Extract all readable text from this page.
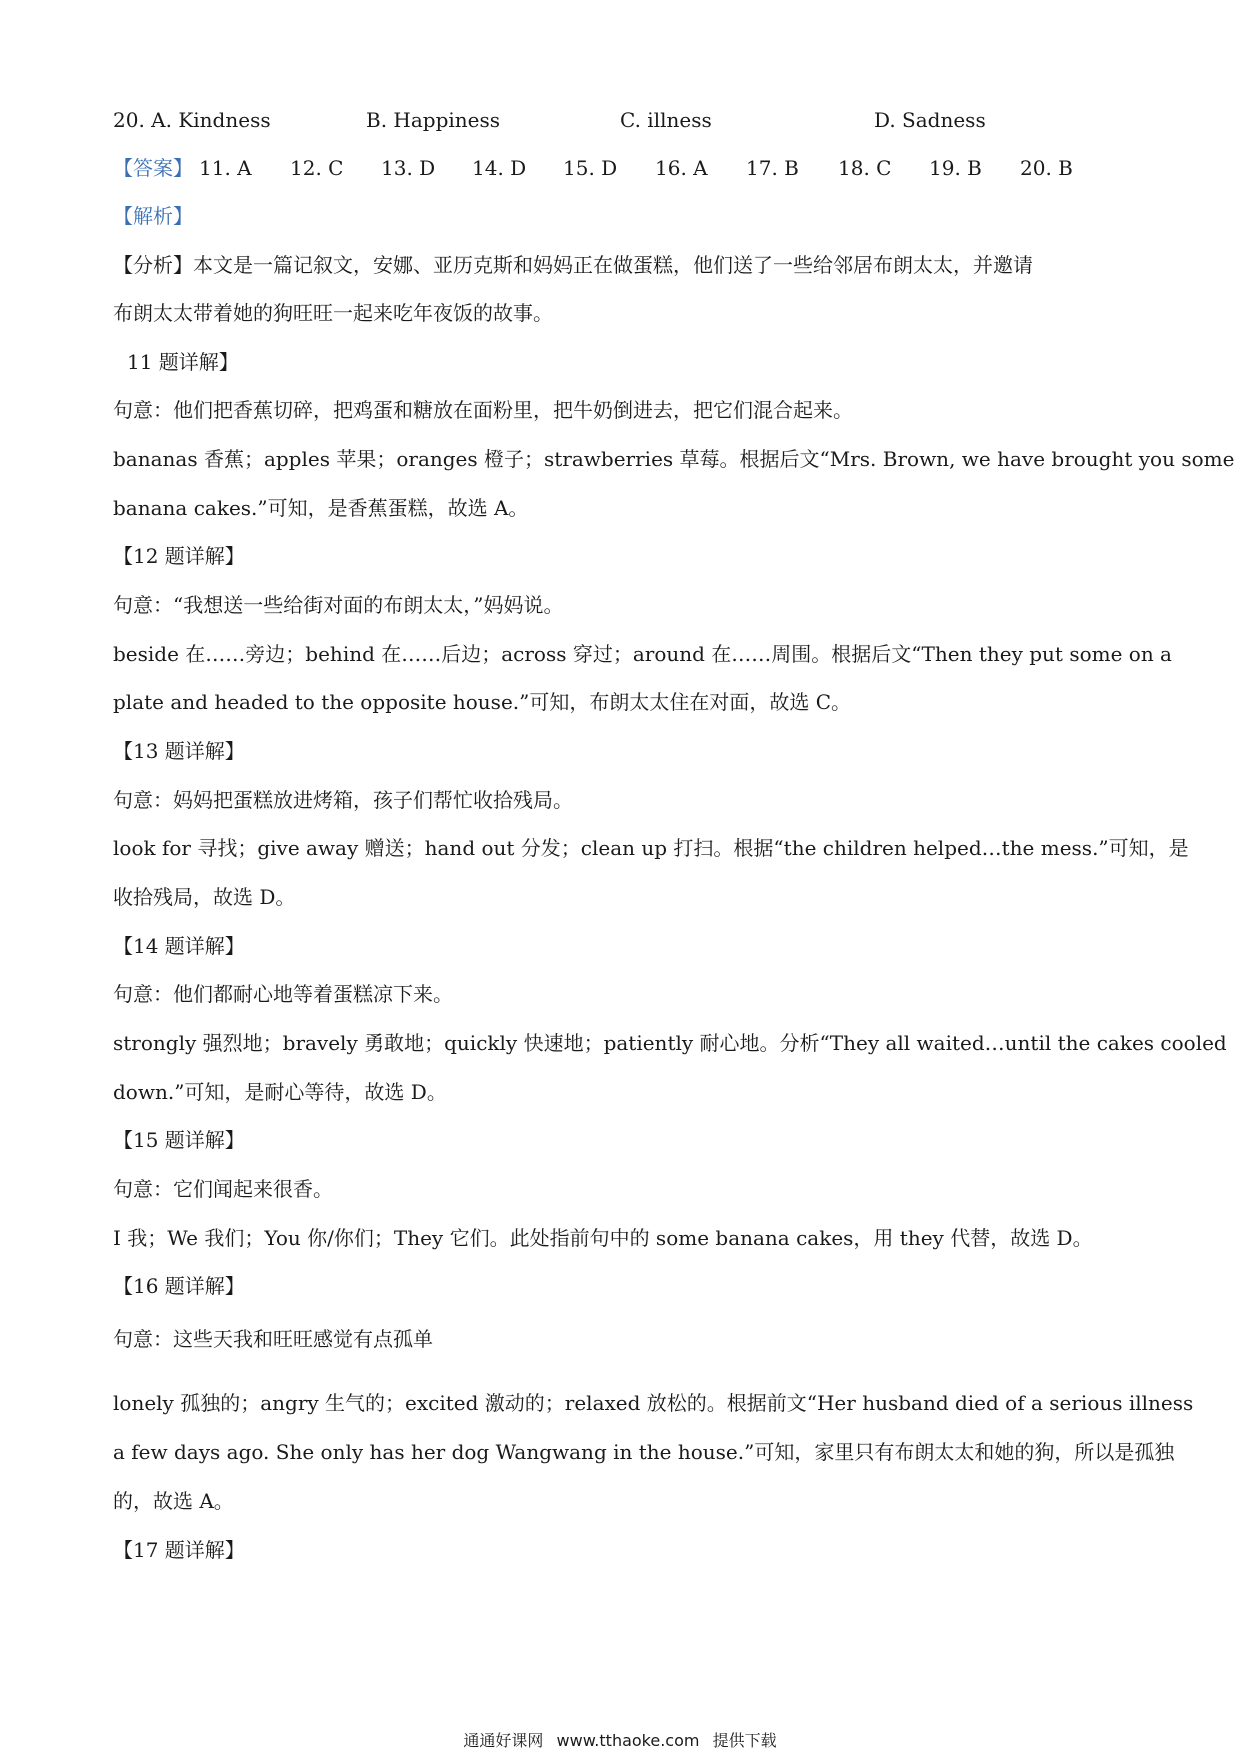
20. A. Kindness	B. Happiness	C. illness	D. Sadness
【答案】 11. A 12. C 13. D 14. D 15. D 16. A 17. B 18. C 19. B 20. B
【解析】
【分析】本文是一篇记叙文，安娜、亚历克斯和妈妈正在做蛋糕，他们送了一些给邻居布朗太太，并邀请
布朗太太带着她的狗旺旺一起来吃年夜饭的故事。
11 题详解】
句意：他们把香蕉切碎，把鸡蛋和糖放在面粉里，把牛奶倒进去，把它们混合起来。
bananas 香蕉；apples 苹果；oranges 橙子；strawberries 草莓。根据后文“Mrs. Brown, we have brought you some
banana cakes.”可知，是香蕉蛋糕，故选 A。
【12 题详解】
句意：“我想送一些给街对面的布朗太太，”妈妈说。
beside 在……旁边；behind 在……后边；across 穿过；around 在……周围。根据后文“Then they put some on a
plate and headed to the opposite house.”可知，布朗太太住在对面，故选 C。
【13 题详解】
句意：妈妈把蛋糕放进烤箱，孩子们帮忙收拾残局。
look for 寻找；give away 赠送；hand out 分发；clean up 打扫。根据“the children helped…the mess.”可知，是
收拾残局，故选 D。
【14 题详解】
句意：他们都耐心地等着蛋糕凉下来。
strongly 强烈地；bravely 勇敢地；quickly 快速地；patiently 耐心地。分析“They all waited…until the cakes cooled
down.”可知，是耐心等待，故选 D。
【15 题详解】
句意：它们闻起来很香。
I 我；We 我们；You 你/你们；They 它们。此处指前句中的 some banana cakes，用 they 代替，故选 D。
【16 题详解】
句意：这些天我和旺旺感觉有点孤单
lonely 孤独的；angry 生气的；excited 激动的；relaxed 放松的。根据前文“Her husband died of a serious illness
a few days ago. She only has her dog Wangwang in the house.”可知，家里只有布朗太太和她的狗，所以是孤独
的，故选 A。
【17 题详解】
通通好课网 www.tthaoke.com 提供下载
